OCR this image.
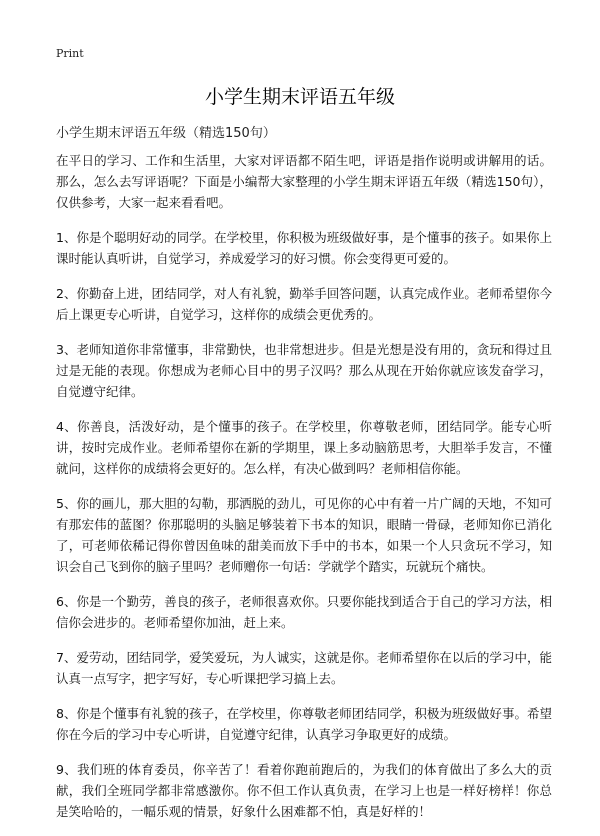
Print
小学生期末评语五年级
小学生期末评语五年级（精选150句）

在平日的学习、工作和生活里，大家对评语都不陌生吧，评语是指作说明或讲解用的话。那么，怎么去写评语呢？下面是小编帮大家整理的小学生期末评语五年级（精选150句），仅供参考，大家一起来看看吧。

1、你是个聪明好动的同学。在学校里，你积极为班级做好事，是个懂事的孩子。如果你上课时能认真听讲，自觉学习，养成爱学习的好习惯。你会变得更可爱的。

2、你勤奋上进，团结同学，对人有礼貌，勤举手回答问题，认真完成作业。老师希望你今后上课更专心听讲，自觉学习，这样你的成绩会更优秀的。

3、老师知道你非常懂事，非常勤快，也非常想进步。但是光想是没有用的，贪玩和得过且过是无能的表现。你想成为老师心目中的男子汉吗？那么从现在开始你就应该发奋学习，自觉遵守纪律。

4、你善良，活泼好动，是个懂事的孩子。在学校里，你尊敬老师，团结同学。能专心听讲，按时完成作业。老师希望你在新的学期里，课上多动脑筋思考，大胆举手发言，不懂就问，这样你的成绩将会更好的。怎么样，有决心做到吗？老师相信你能。

5、你的画儿，那大胆的勾勒，那洒脱的劲儿，可见你的心中有着一片广阔的天地，不知可有那宏伟的蓝图？你那聪明的头脑足够装着下书本的知识，眼睛一骨碌，老师知你已消化了，可老师依稀记得你曾因鱼味的甜美而放下手中的书本，如果一个人只贪玩不学习，知识会自己飞到你的脑子里吗？老师赠你一句话：学就学个踏实，玩就玩个痛快。

6、你是一个勤劳，善良的孩子，老师很喜欢你。只要你能找到适合于自己的学习方法，相信你会进步的。老师希望你加油，赶上来。

7、爱劳动，团结同学，爱笑爱玩，为人诚实，这就是你。老师希望你在以后的学习中，能认真一点写字，把字写好，专心听课把学习搞上去。

8、你是个懂事有礼貌的孩子，在学校里，你尊敬老师团结同学，积极为班级做好事。希望你在今后的学习中专心听讲，自觉遵守纪律，认真学习争取更好的成绩。

9、我们班的体育委员，你辛苦了！看着你跑前跑后的，为我们的体育做出了多么大的贡献，我们全班同学都非常感激你。你不但工作认真负责，在学习上也是一样好榜样！你总是笑哈哈的，一幅乐观的情景，好象什么困难都不怕，真是好样的！
